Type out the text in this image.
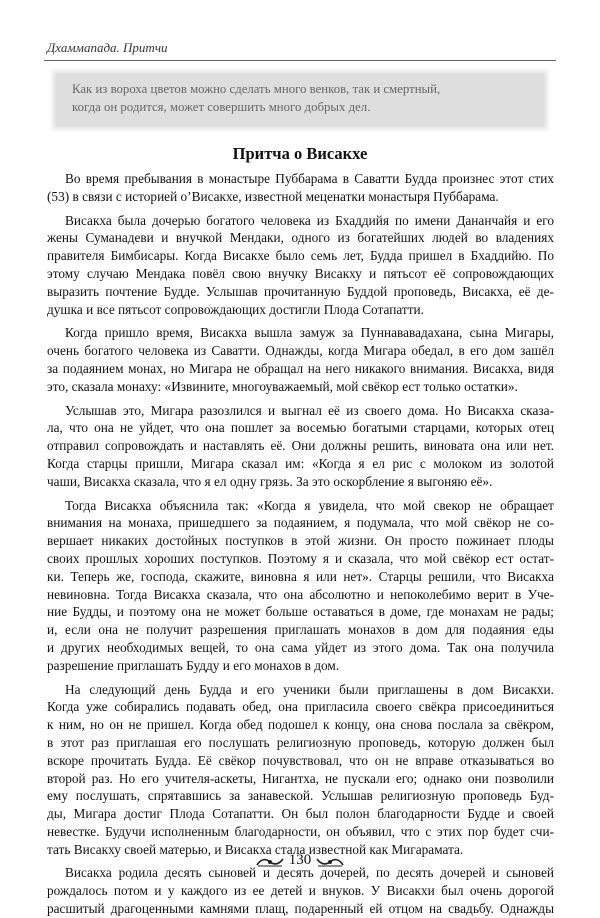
Дхаммапада. Притчи
Как из вороха цветов можно сделать много венков, так и смертный,
когда он родится, может совершить много добрых дел.
Притча о Висакхе
Во время пребывания в монастыре Пуббарама в Саватти Будда произнес этот стих
(53) в связи с историей оʼВисакхе, известной меценатки монастыря Пуббарама.
Висакха была дочерью богатого человека из Бхаддийя по имени Дананчайя и его
жены Суманадеви и внучкой Мендаки, одного из богатейших людей во владениях
правителя Бимбисары. Когда Висакхе было семь лет, Будда пришел в Бхаддийю. По
этому случаю Мендака повёл свою внучку Висакху и пятьсот её сопровождающих
выразить почтение Будде. Услышав прочитанную Буддой проповедь, Висакха, её де-
душка и все пятьсот сопровождающих достигли Плода Сотапатти.
Когда пришло время, Висакха вышла замуж за Пуннававадахана, сына Мигары,
очень богатого человека из Саватти. Однажды, когда Мигара обедал, в его дом зашёл
за подаянием монах, но Мигара не обращал на него никакого внимания. Висакха, видя
это, сказала монаху: «Извините, многоуважаемый, мой свёкор ест только остатки».
Услышав это, Мигара разозлился и выгнал её из своего дома. Но Висакха сказа-
ла, что она не уйдет, что она пошлет за восемью богатыми старцами, которых отец
отправил сопровождать и наставлять её. Они должны решить, виновата она или нет.
Когда старцы пришли, Мигара сказал им: «Когда я ел рис с молоком из золотой
чаши, Висакха сказала, что я ел одну грязь. За это оскорбление я выгоняю её».
Тогда Висакха объяснила так: «Когда я увидела, что мой свекор не обращает
внимания на монаха, пришедшего за подаянием, я подумала, что мой свёкор не со-
вершает никаких достойных поступков в этой жизни. Он просто пожинает плоды
своих прошлых хороших поступков. Поэтому я и сказала, что мой свёкор ест остат-
ки. Теперь же, господа, скажите, виновна я или нет». Старцы решили, что Висакха
невиновна. Тогда Висакха сказала, что она абсолютно и непоколебимо верит в Уче-
ние Будды, и поэтому она не может больше оставаться в доме, где монахам не рады;
и, если она не получит разрешения приглашать монахов в дом для подаяния еды
и других необходимых вещей, то она сама уйдет из этого дома. Так она получила
разрешение приглашать Будду и его монахов в дом.
На следующий день Будда и его ученики были приглашены в дом Висакхи.
Когда уже собирались подавать обед, она пригласила своего свёкра присоединиться
к ним, но он не пришел. Когда обед подошел к концу, она снова послала за свёкром,
в этот раз приглашая его послушать религиозную проповедь, которую должен был
вскоре прочитать Будда. Её свёкор почувствовал, что он не вправе отказываться во
второй раз. Но его учителя-аскеты, Нигантха, не пускали его; однако они позволили
ему послушать, спрятавшись за занавеской. Услышав религиозную проповедь Буд-
ды, Мигара достиг Плода Сотапатти. Он был полон благодарности Будде и своей
невестке. Будучи исполненным благодарности, он объявил, что с этих пор будет счи-
тать Висакху своей матерью, и Висакха стала известной как Мигарамата.
Висакха родила десять сыновей и десять дочерей, по десять дочерей и сыновей
рождалось потом и у каждого из ее детей и внуков. У Висакхи был очень дорогой
расшитый драгоценными камнями плащ, подаренный ей отцом на свадьбу. Однажды
130
